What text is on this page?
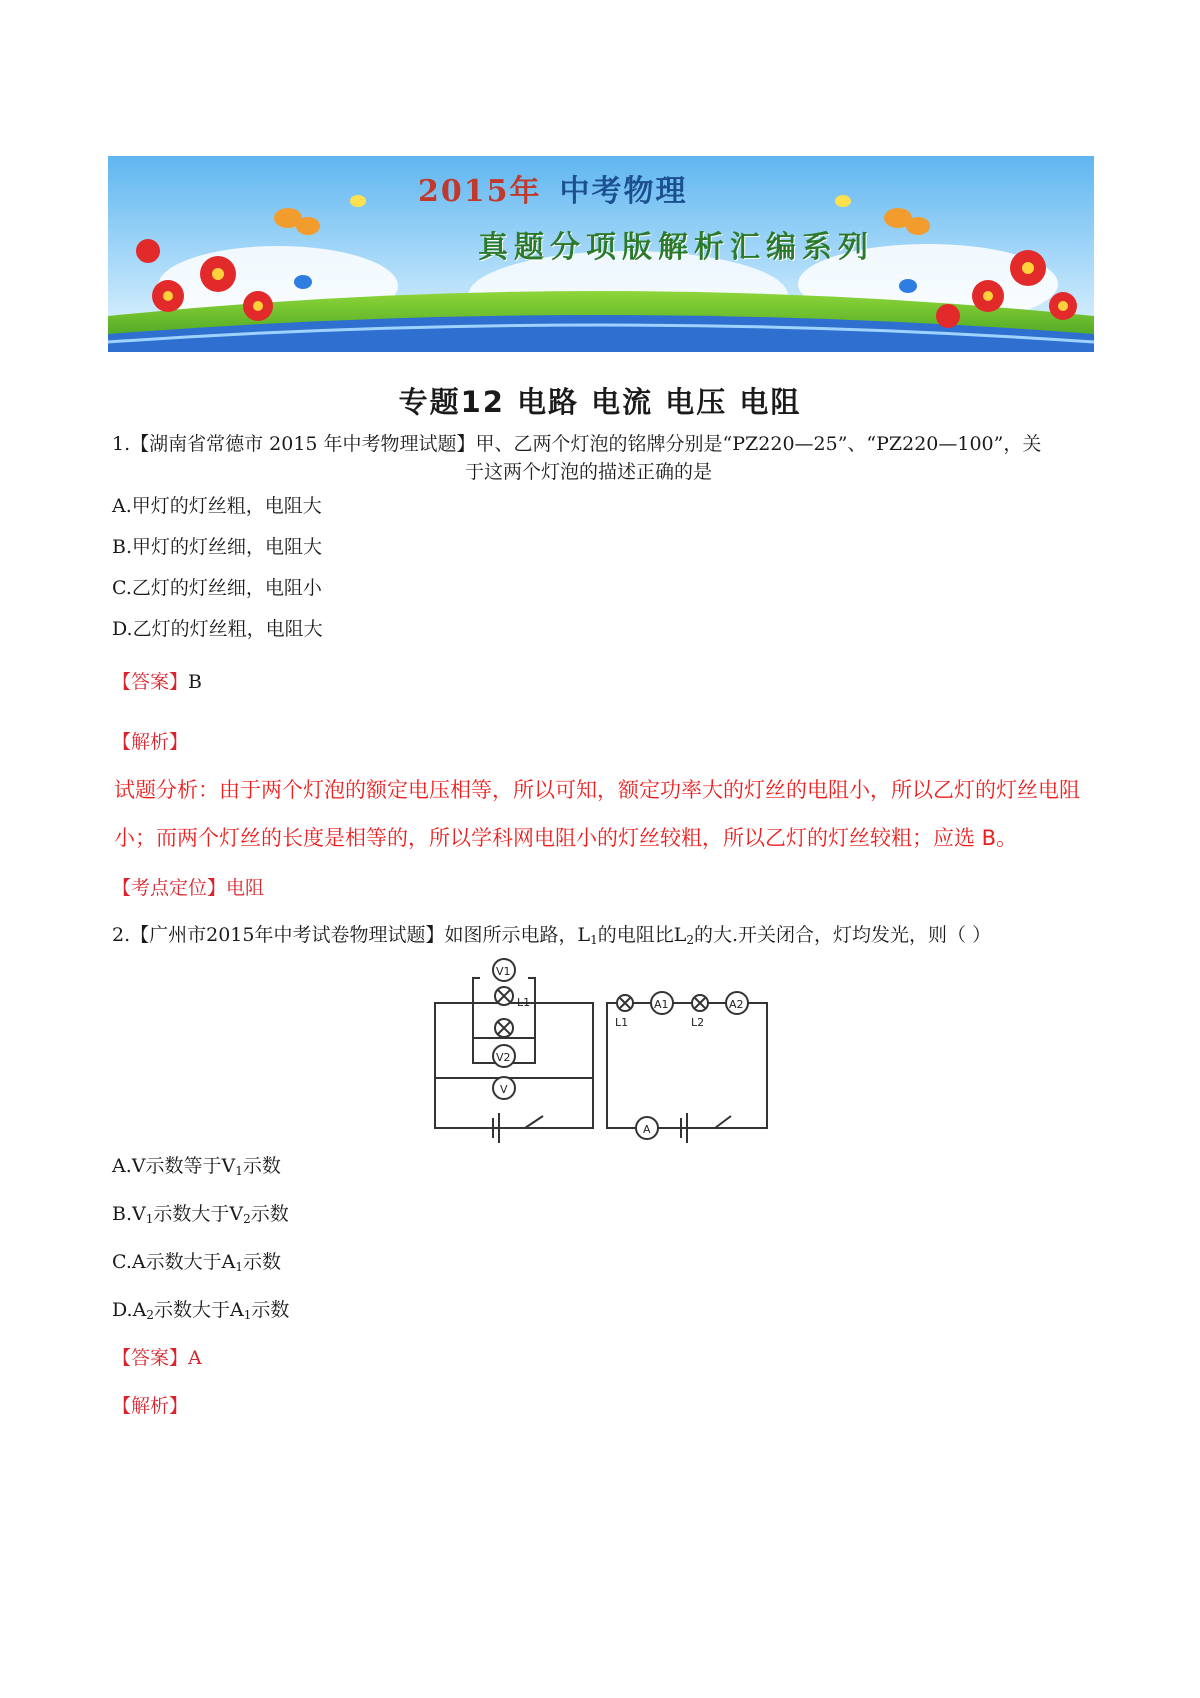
2015年 中考物理
真题分项版解析汇编系列
专题12 电路 电流 电压 电阻
1.【湖南省常德市 2015 年中考物理试题】甲、乙两个灯泡的铭牌分别是“PZ220—25”、“PZ220—100”，关
于这两个灯泡的描述正确的是
A.甲灯的灯丝粗，电阻大
B.甲灯的灯丝细，电阻大
C.乙灯的灯丝细，电阻小
D.乙灯的灯丝粗，电阻大
【答案】B
【解析】
试题分析：由于两个灯泡的额定电压相等，所以可知，额定功率大的灯丝的电阻小，所以乙灯的灯丝电阻
小；而两个灯丝的长度是相等的，所以学科网电阻小的灯丝较粗，所以乙灯的灯丝较粗；应选 B。
【考点定位】电阻
2.【广州市2015年中考试卷物理试题】如图所示电路，$L_1$的电阻比$L_2$的大.开关闭合，灯均发光，则（ ）
V1
L1
V2
V
A1	A2
A
L1	L2
A.V示数等于$V_1$示数
$B.V_1$示数大于$V_2$示数
C.A示数大于$A_1$示数
$D.A_2$示数大于$A_1$示数
【答案】A
【解析】
